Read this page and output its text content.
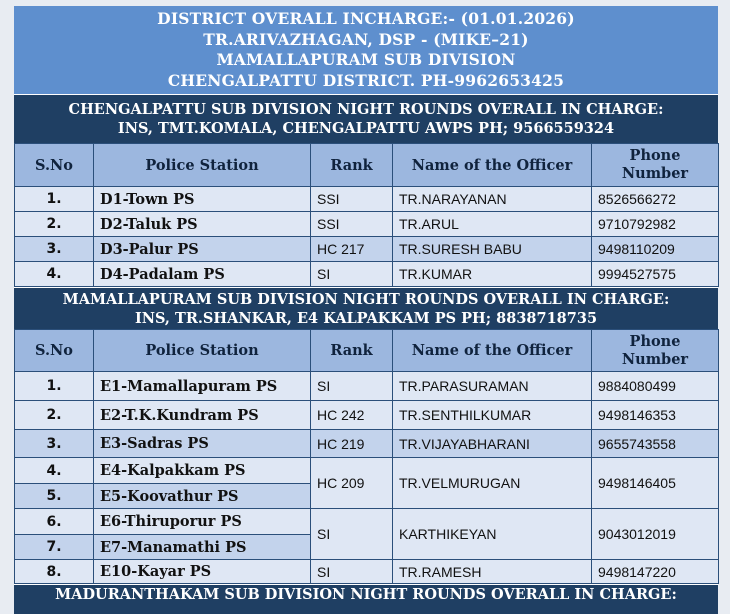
DISTRICT OVERALL INCHARGE:- (01.01.2026)
TR.ARIVAZHAGAN, DSP - (MIKE–21)
MAMALLAPURAM SUB DIVISION
CHENGALPATTU DISTRICT. PH-9962653425
CHENGALPATTU SUB DIVISION NIGHT ROUNDS OVERALL IN CHARGE:
INS, TMT.KOMALA, CHENGALPATTU AWPS PH; 9566559324
S.No	Police Station	Rank	Name of the Officer	Phone
Number

1.	D1-Town PS	SSI	TR.NARAYANAN	8526566272
2.	D2-Taluk PS	SSI	TR.ARUL	9710792982
3.	D3-Palur PS	HC 217	TR.SURESH BABU	9498110209
4.	D4-Padalam PS	SI	TR.KUMAR	9994527575
MAMALLAPURAM SUB DIVISION NIGHT ROUNDS OVERALL IN CHARGE:
INS, TR.SHANKAR, E4 KALPAKKAM PS PH; 8838718735
S.No	Police Station	Rank	Name of the Officer	Phone
Number

1.	E1-Mamallapuram PS	SI	TR.PARASURAMAN	9884080499
2.	E2-T.K.Kundram PS	HC 242	TR.SENTHILKUMAR	9498146353
3.	E3-Sadras PS	HC 219	TR.VIJAYABHARANI	9655743558
4.	E4-Kalpakkam PS	HC 209	TR.VELMURUGAN	9498146405
5.	E5-Koovathur PS			
6.	E6-Thiruporur PS	SI	KARTHIKEYAN	9043012019
7.	E7-Manamathi PS			
8.	E10-Kayar PS	SI	TR.RAMESH	9498147220
MADURANTHAKAM SUB DIVISION NIGHT ROUNDS OVERALL IN CHARGE:
